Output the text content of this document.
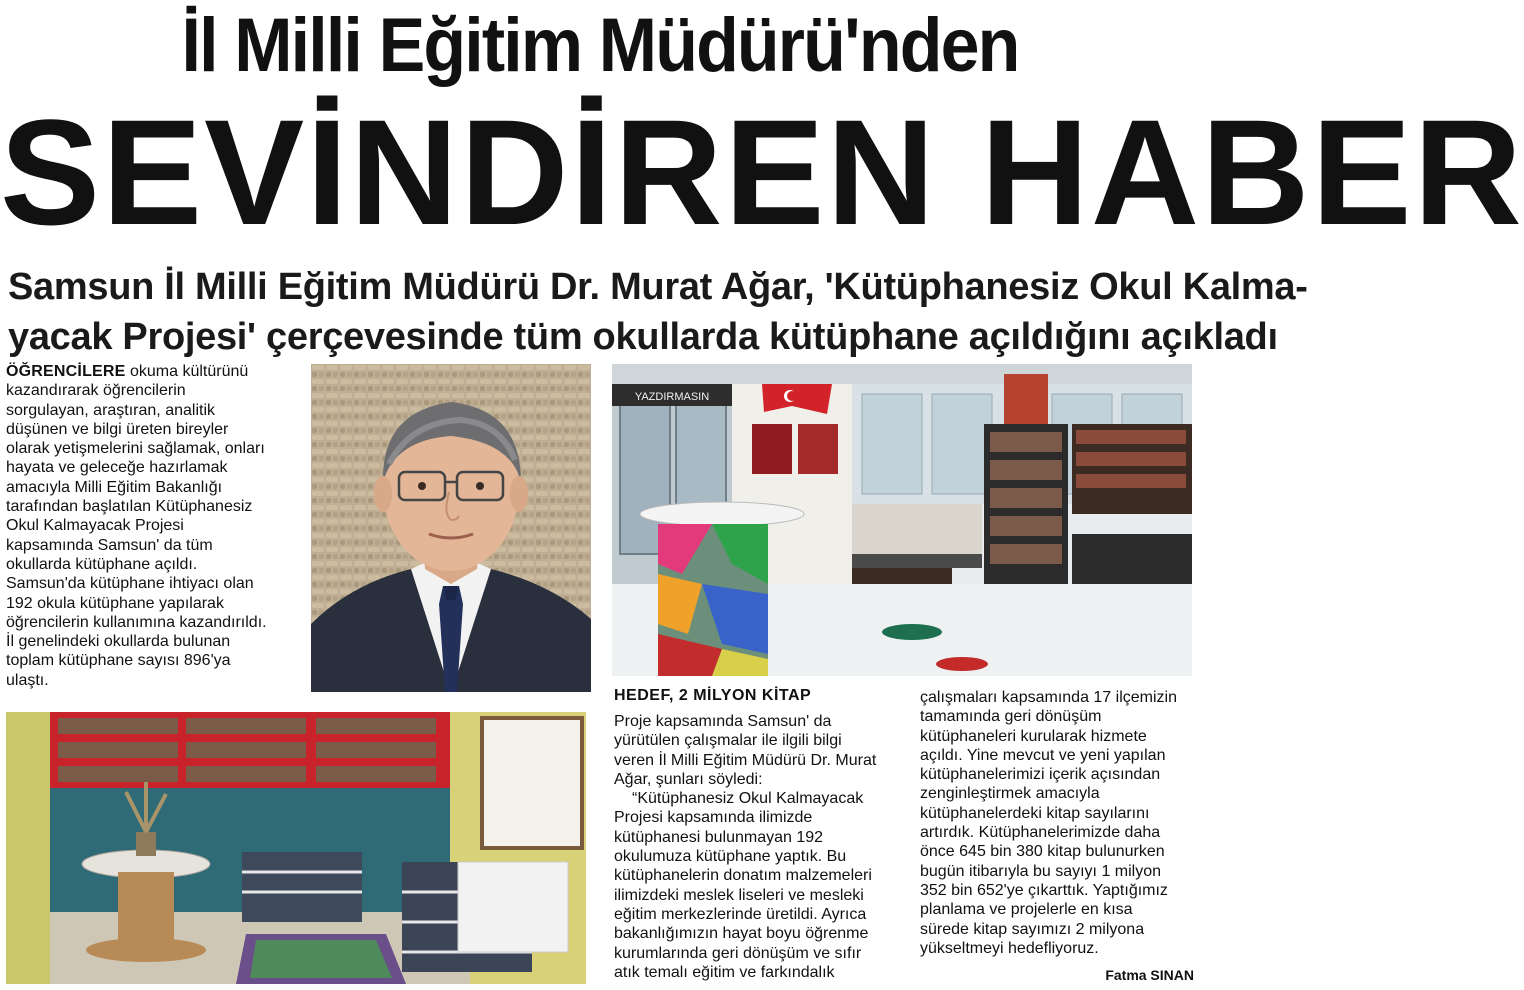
İl Milli Eğitim Müdürü'nden
SEVİNDİREN HABER
Samsun İl Milli Eğitim Müdürü Dr. Murat Ağar, 'Kütüphanesiz Okul Kalma-
yacak Projesi' çerçevesinde tüm okullarda kütüphane açıldığını açıkladı
ÖĞRENCİLERE okuma kültürünü
kazandırarak öğrencilerin
sorgulayan, araştıran, analitik
düşünen ve bilgi üreten bireyler
olarak yetişmelerini sağlamak, onları
hayata ve geleceğe hazırlamak
amacıyla Milli Eğitim Bakanlığı
tarafından başlatılan Kütüphanesiz
Okul Kalmayacak Projesi
kapsamında Samsun' da tüm
okullarda kütüphane açıldı.
Samsun'da kütüphane ihtiyacı olan
192 okula kütüphane yapılarak
öğrencilerin kullanımına kazandırıldı.
İl genelindeki okullarda bulunan
toplam kütüphane sayısı 896'ya
ulaştı.
YAZDIRMASIN
HEDEF, 2 MİLYON KİTAP
Proje kapsamında Samsun' da
yürütülen çalışmalar ile ilgili bilgi
veren İl Milli Eğitim Müdürü Dr. Murat
Ağar, şunları söyledi:
“Kütüphanesiz Okul Kalmayacak
Projesi kapsamında ilimizde
kütüphanesi bulunmayan 192
okulumuza kütüphane yaptık. Bu
kütüphanelerin donatım malzemeleri
ilimizdeki meslek liseleri ve mesleki
eğitim merkezlerinde üretildi. Ayrıca
bakanlığımızın hayat boyu öğrenme
kurumlarında geri dönüşüm ve sıfır
atık temalı eğitim ve farkındalık
çalışmaları kapsamında 17 ilçemizin
tamamında geri dönüşüm
kütüphaneleri kurularak hizmete
açıldı. Yine mevcut ve yeni yapılan
kütüphanelerimizi içerik açısından
zenginleştirmek amacıyla
kütüphanelerdeki kitap sayılarını
artırdık. Kütüphanelerimizde daha
önce 645 bin 380 kitap bulunurken
bugün itibarıyla bu sayıyı 1 milyon
352 bin 652'ye çıkarttık. Yaptığımız
planlama ve projelerle en kısa
sürede kitap sayımızı 2 milyona
yükseltmeyi hedefliyoruz.
Fatma SINAN
